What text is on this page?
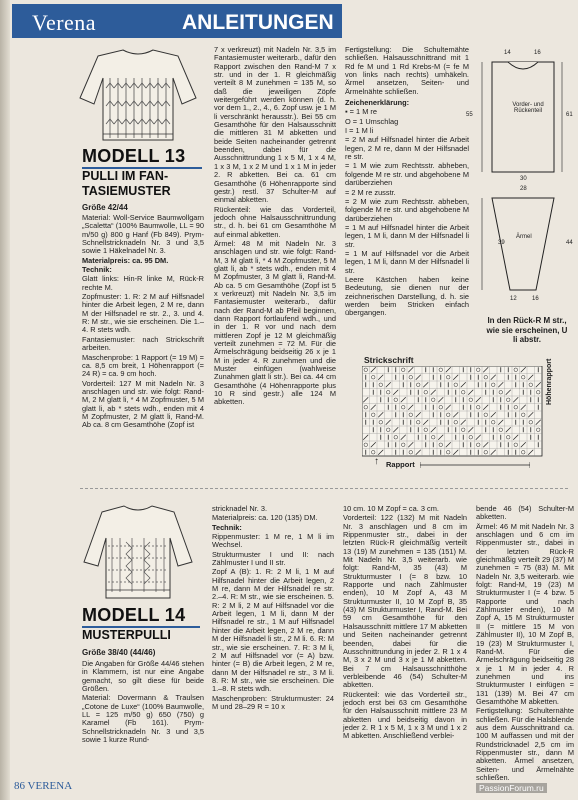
Verena	ANLEITUNGEN
MODELL 13
PULLI IM FAN-TASIEMUSTER
Größe 42/44

Material: Woll-Service Baumwollgarn „Scaletta“ (100% Baumwolle, LL = 90 m/50 g) 800 g Hanf (Fb 849). Prym-Schnellstricknadeln Nr. 3 und 3,5 sowie 1 Häkelnadel Nr. 3.

Materialpreis: ca. 95 DM.

Technik:

Glatt links: Hin-R linke M, Rück-R rechte M.

Zopfmuster: 1. R: 2 M auf Hilfsnadel hinter die Arbeit legen, 2 M re, dann M der Hilfsnadel re str. 2., 3. und 4. R: M str., wie sie erscheinen. Die 1.–4. R stets wdh.

Fantasiemuster: nach Strickschrift arbeiten.

Maschenprobe: 1 Rapport (= 19 M) = ca. 8,5 cm breit, 1 Höhenrapport (= 24 R) = ca. 9 cm hoch.

Vorderteil: 127 M mit Nadeln Nr. 3 anschlagen und str. wie folgt: Rand-M, 2 M glatt li, * 4 M Zopfmuster, 5 M glatt li, ab * stets wdh., enden mit 4 M Zopfmuster, 2 M glatt li, Rand-M. Ab ca. 8 cm Gesamthöhe (Zopf ist

7 x verkreuzt) mit Nadeln Nr. 3,5 im Fantasiemuster weiterarb., dafür den Rapport zwischen den Rand-M 7 x str. und in der 1. R gleichmäßig verteilt 8 M zunehmen = 135 M, so daß die jeweiligen Zöpfe weitergeführt werden können (d. h. vor dem 1., 2., 4., 6. Zopf usw. je 1 M li verschränkt herausstr.). Bei 55 cm Gesamthöhe für den Halsausschnitt die mittleren 31 M abketten und beide Seiten nacheinander getrennt beenden, dabei für die Ausschnittrundung 1 x 5 M, 1 x 4 M, 1 x 3 M, 1 x 2 M und 1 x 1 M in jeder 2. R abketten. Bei ca. 61 cm Gesamthöhe (6 Höhenrapporte sind gestr.) restl. 37 Schulter-M auf einmal abketten.

Rückenteil: wie das Vorderteil, jedoch ohne Halsausschnittrundung str., d. h. bei 61 cm Gesamthöhe M auf einmal abketten.

Ärmel: 48 M mit Nadeln Nr. 3 anschlagen und str. wie folgt: Rand-M, 3 M glatt li, * 4 M Zopfmuster, 5 M glatt li, ab * stets wdh., enden mit 4 M Zopfmuster, 3 M glatt li, Rand-M. Ab ca. 5 cm Gesamthöhe (Zopf ist 5 x verkreuzt) mit Nadeln Nr. 3,5 im Fantasiemuster weiterarb., dafür nach der Rand-M ab Pfeil beginnen, dann Rapport fortlaufend wdh., und in der 1. R vor und nach dem mittleren Zopf je 12 M gleichmäßig verteilt zunehmen = 72 M. Für die Ärmelschrägung beidseitig 26 x je 1 M in jeder 4. R zunehmen und die Muster einfügen (wahlweise Zunahmen glatt li str.). Bei ca. 44 cm Gesamthöhe (4 Höhenrapporte plus 10 R sind gestr.) alle 124 M abketten.

Fertigstellung: Die Schultemähte schließen. Halsausschnittrand mit 1 Rd fe M und 1 Rd Krebs-M (= fe M von links nach rechts) umhäkeln. Ärmel ansetzen, Seiten- und Ärmelnähte schließen.

Zeichenerklärung:

▪ = 1 M re

O = 1 Umschlag

I = 1 M li

= 2 M auf Hilfsnadel hinter die Arbeit legen, 2 M re, dann M der Hilfsnadel re str.

= 1 M wie zum Rechtsstr. abheben, folgende M re str. und abgehobene M darüberziehen

= 2 M re zusstr.

= 2 M wie zum Rechtsstr. abheben, folgende M re str. und abgehobene M darüberziehen

= 1 M auf Hilfsnadel hinter die Arbeit legen, 1 M li, dann M der Hilfsnadel li str.

= 1 M auf Hilfsnadel vor die Arbeit legen, 1 M li, dann M der Hilfsnadel li str.

Leere Kästchen haben keine Bedeutung, sie dienen nur der zeichnerischen Darstellung, d. h. sie werden beim Stricken einfach übergangen.

14	16
Vorder- und Rückenteil
55	61
30
28
Ärmel
39	44
12	16
In den Rück-R M str., wie sie erscheinen, U li abstr.
Strickschrift	Höhenrapport
↑ Rapport
MODELL 14
MUSTERPULLI
Größe 38/40 (44/46)

Die Angaben für Größe 44/46 stehen in Klammern, ist nur eine Angabe gemacht, so gilt diese für beide Größen.

Material: Dovermann & Traulsen „Cotone de Luxe“ (100% Baumwolle, LL = 125 m/50 g) 650 (750) g Karamel (Fb 161). Prym-Schnellstricknadeln Nr. 3 und 3,5 sowie 1 kurze Rund-

stricknadel Nr. 3.

Materialpreis: ca. 120 (135) DM.

Technik:

Rippenmuster: 1 M re, 1 M li im Wechsel.

Strukturmuster I und II: nach Zählmuster I und II str.

Zopf A (B): 1. R: 2 M li, 1 M auf Hilfsnadel hinter die Arbeit legen, 2 M re, dann M der Hilfsnadel re str. 2.–4. R: M str., wie sie erscheinen. 5. R: 2 M li, 2 M auf Hilfsnadel vor die Arbeit legen, 1 M li, dann M der Hilfsnadel re str., 1 M auf Hilfsnadel hinter die Arbeit legen, 2 M re, dann M der Hilfsnadel li str., 2 M li. 6. R: M str., wie sie erscheinen. 7. R: 3 M li, 2 M auf Hilfsnadel vor (= A) bzw. hinter (= B) die Arbeit legen, 2 M re, dann M der Hilfsnadel re str., 3 M li. 8. R: M str., wie sie erscheinen. Die 1.–8. R stets wdh.

Maschenproben: Strukturmuster: 24 M und 28–29 R = 10 x

10 cm. 10 M Zopf = ca. 3 cm.

Vorderteil: 122 (132) M mit Nadeln Nr. 3 anschlagen und 8 cm im Rippenmuster str., dabei in der letzten Rück-R gleichmäßig verteilt 13 (19) M zunehmen = 135 (151) M. Mit Nadeln Nr. 3,5 weiterarb. wie folgt: Rand-M, 35 (43) M Strukturmuster I (= 8 bzw. 10 Rapporte und nach Zählmuster enden), 10 M Zopf A, 43 M Strukturmuster II, 10 M Zopf B, 35 (43) M Strukturmuster I, Rand-M. Bei 59 cm Gesamthöhe für den Halsausschnitt mittlere 17 M abketten und Seiten nacheinander getrennt beenden, dabei für die Ausschnittrundung in jeder 2. R 1 x 4 M, 3 x 2 M und 3 x je 1 M abketten. Bei 7 cm Halsausschnitthöhe verbleibende 46 (54) Schulter-M abketten.

Rückenteil: wie das Vorderteil str., jedoch erst bei 63 cm Gesamthöhe für den Halsausschnitt mittlere 23 M abketten und beidseitig davon in jeder 2. R 1 x 5 M, 1 x 3 M und 1 x 2 M abketten. Anschließend verblei-

bende 46 (54) Schulter-M abketten.

Ärmel: 46 M mit Nadeln Nr. 3 anschlagen und 6 cm im Rippenmuster str., dabei in der letzten Rück-R gleichmäßig verteilt 29 (37) M zunehmen = 75 (83) M. Mit Nadeln Nr. 3,5 weiterarb. wie folgt: Rand-M, 19 (23) M Strukturmuster I (= 4 bzw. 5 Rapporte und nach Zählmuster enden), 10 M Zopf A, 15 M Strukturmuster II (= mittlere 15 M von Zählmuster II), 10 M Zopf B, 19 (23) M Strukturmuster I, Rand-M. Für die Ärmelschrägung beidseitig 28 x je 1 M in jeder 4. R zunehmen und ins Strukturmuster I einfügen = 131 (139) M. Bei 47 cm Gesamthöhe M abketten.

Fertigstellung: Schulternähte schließen. Für die Halsblende aus dem Ausschnittrand ca. 100 M auffassen und mit der Rundstricknadel 2,5 cm im Rippenmuster str., dann M abketten. Ärmel ansetzen, Seiten- und Ärmelnähte schließen.

86 VERENA	PassionForum.ru
